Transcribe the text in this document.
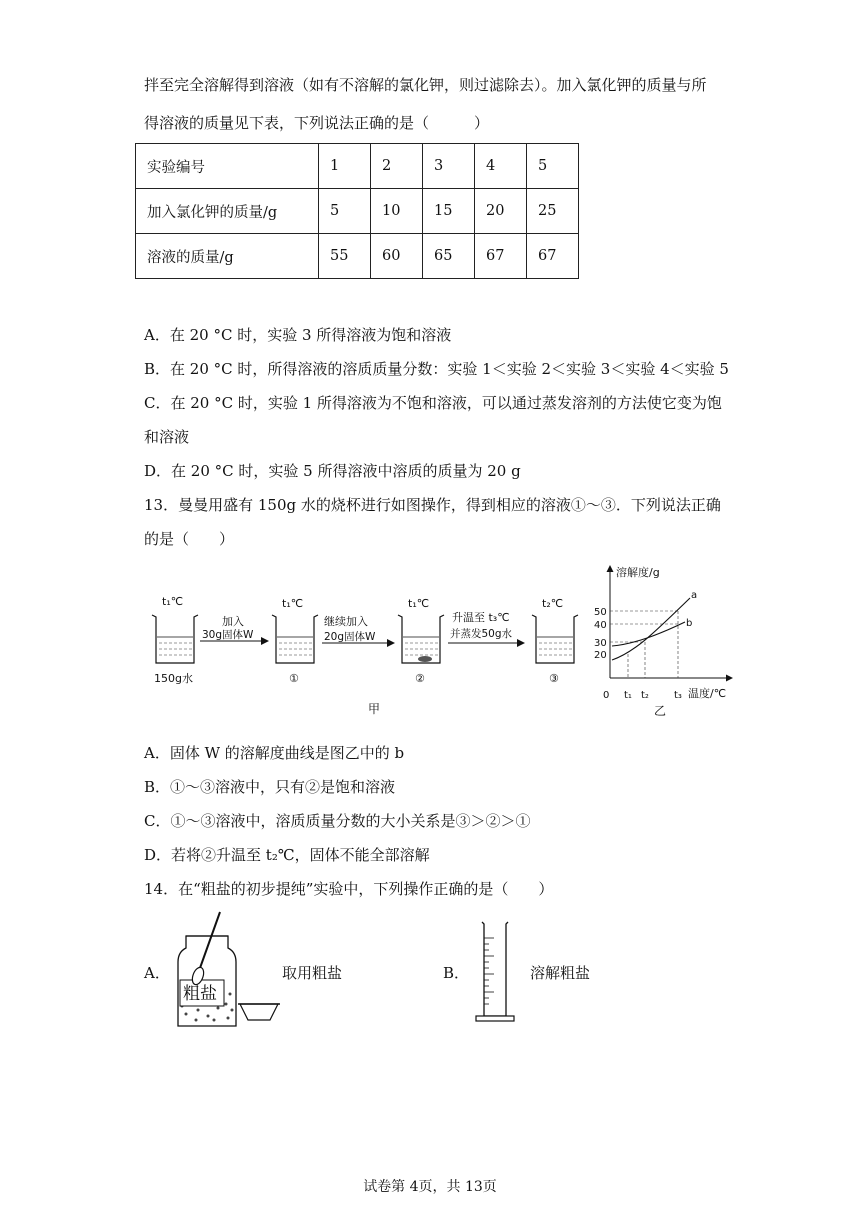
拌至完全溶解得到溶液（如有不溶解的氯化钾，则过滤除去）。加入氯化钾的质量与所
得溶液的质量见下表，下列说法正确的是（　　　）
实验编号	1	2	3	4	5
加入氯化钾的质量/g	5	10	15	20	25
溶液的质量/g	55	60	65	67	67
A．在 20 °C 时，实验 3 所得溶液为饱和溶液
B．在 20 °C 时，所得溶液的溶质质量分数：实验 1＜实验 2＜实验 3＜实验 4＜实验 5
C．在 20 °C 时，实验 1 所得溶液为不饱和溶液，可以通过蒸发溶剂的方法使它变为饱
和溶液
D．在 20 °C 时，实验 5 所得溶液中溶质的质量为 20 g
13．曼曼用盛有 150g 水的烧杯进行如图操作，得到相应的溶液①～③．下列说法正确
的是（　　）
t₁℃
150g水
加入
30g固体W
t₁℃
①
继续加入
20g固体W
t₁℃
②
升温至 t₃℃
并蒸发50g水
t₂℃
③
甲
溶解度/g
温度/℃
0
50
40
30
20
a
b
t₁ t₂	t₃
乙
A．固体 W 的溶解度曲线是图乙中的 b
B．①～③溶液中，只有②是饱和溶液
C．①～③溶液中，溶质质量分数的大小关系是③＞②＞①
D．若将②升温至 t₂℃，固体不能全部溶解
14．在“粗盐的初步提纯”实验中，下列操作正确的是（　　）
A．
粗盐
取用粗盐	B．	溶解粗盐
试卷第 4页，共 13页
